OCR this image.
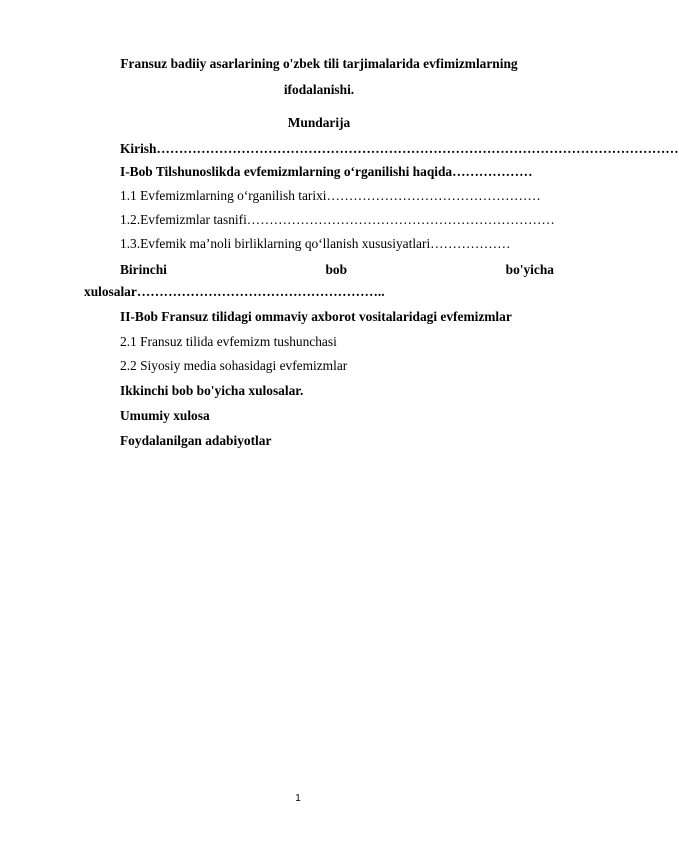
Fransuz badiiy asarlarining o'zbek tili tarjimalarida evfimizmlarning
ifodalanishi.
Mundarija
Kirish………………………………………………………………………………………………………
I-Bob Tilshunoslikda evfemizmlarning o‘rganilishi haqida………………
1.1 Evfemizmlarning o‘rganilish tarixi…………………………………………
1.2.Evfemizmlar tasnifi……………………………………………………………
1.3.Evfemik ma’noli birliklarning qo‘llanish xususiyatlari………………
Birinchi	bob	bo'yicha
xulosalar………………………………………………..
II-Bob Fransuz tilidagi ommaviy axborot vositalaridagi evfemizmlar
2.1 Fransuz tilida evfemizm tushunchasi
2.2 Siyosiy media sohasidagi evfemizmlar
Ikkinchi bob bo'yicha xulosalar.
Umumiy xulosa
Foydalanilgan adabiyotlar
1
